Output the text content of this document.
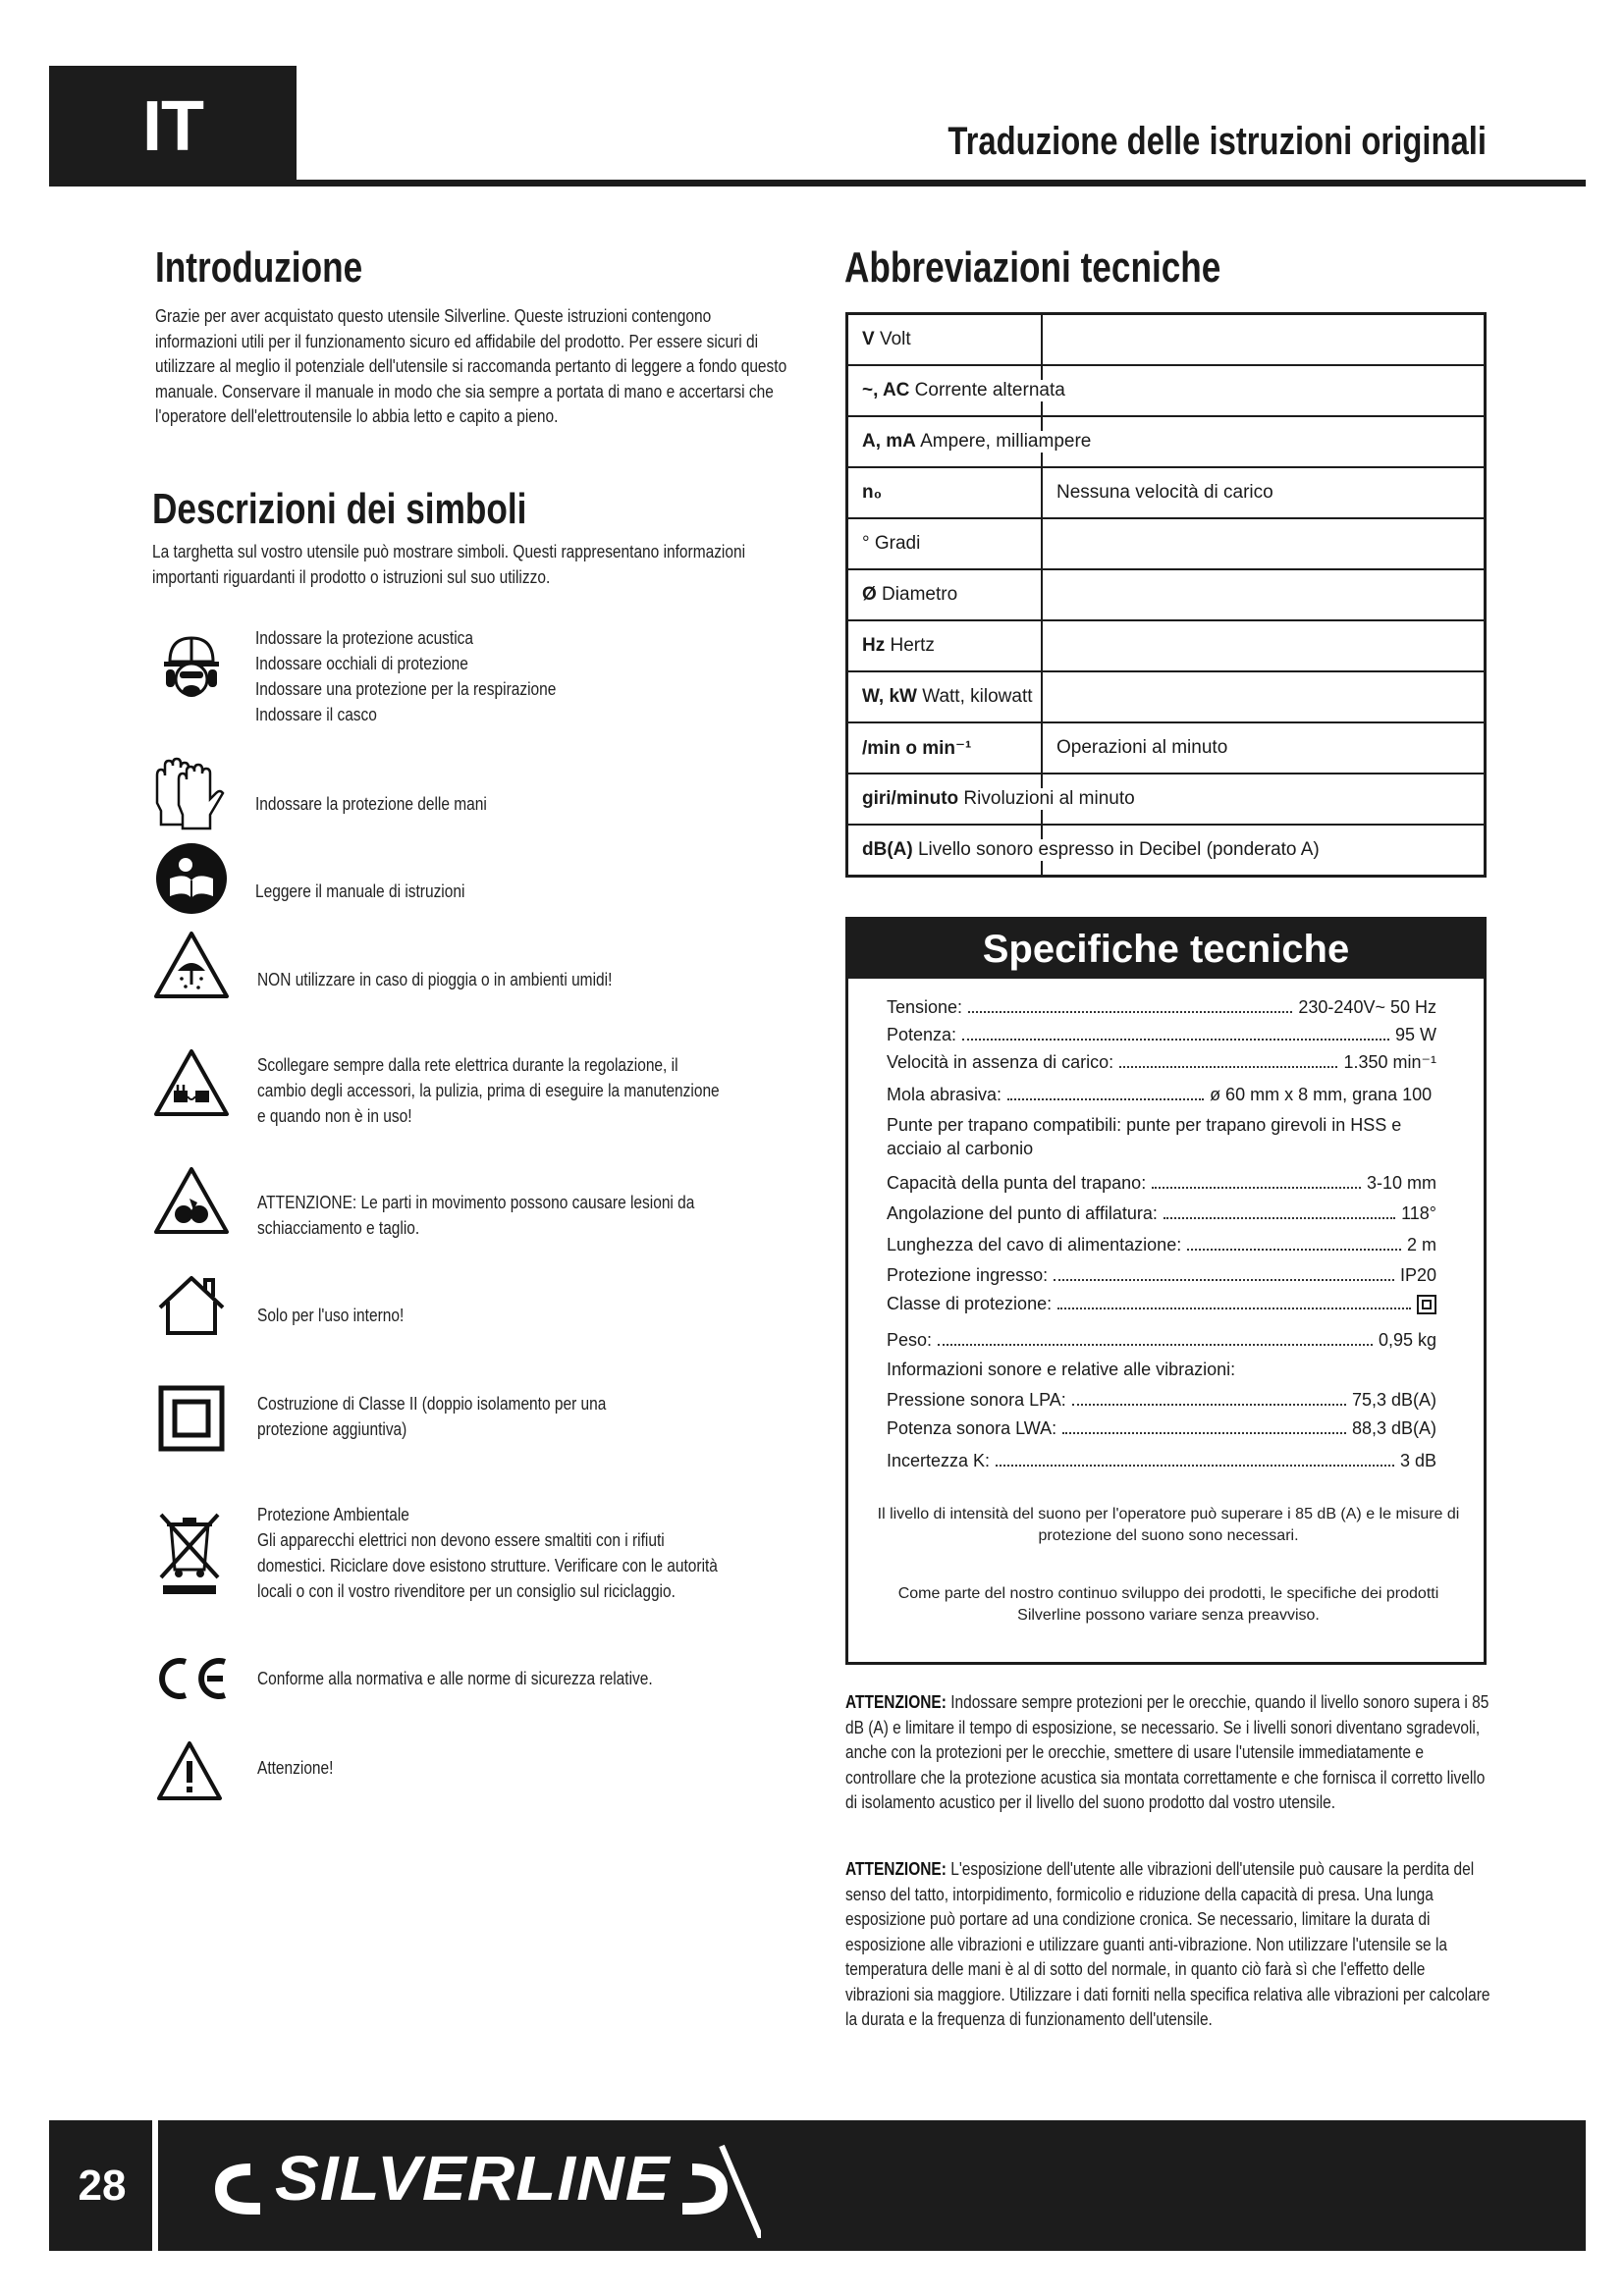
IT	Traduzione delle istruzioni originali
Introduzione
Grazie per aver acquistato questo utensile Silverline. Queste istruzioni contengono informazioni utili per il funzionamento sicuro ed affidabile del prodotto. Per essere sicuri di utilizzare al meglio il potenziale dell'utensile si raccomanda pertanto di leggere a fondo questo manuale. Conservare il manuale in modo che sia sempre a portata di mano e accertarsi che l'operatore dell'elettroutensile lo abbia letto e capito a pieno.
Descrizioni dei simboli
La targhetta sul vostro utensile può mostrare simboli. Questi rappresentano informazioni importanti riguardanti il prodotto o istruzioni sul suo utilizzo.
Indossare la protezione acustica
Indossare occhiali di protezione
Indossare una protezione per la respirazione
Indossare il casco
Indossare la protezione delle mani
Leggere il manuale di istruzioni
NON utilizzare in caso di pioggia o in ambienti umidi!
Scollegare sempre dalla rete elettrica durante la regolazione, il
cambio degli accessori, la pulizia, prima di eseguire la manutenzione
e quando non è in uso!
ATTENZIONE: Le parti in movimento possono causare lesioni da
schiacciamento e taglio.
Solo per l'uso interno!
Costruzione di Classe II (doppio isolamento per una
protezione aggiuntiva)
Protezione Ambientale
Gli apparecchi elettrici non devono essere smaltiti con i rifiuti
domestici. Riciclare dove esistono strutture. Verificare con le autorità
locali o con il vostro rivenditore per un consiglio sul riciclaggio.
Conforme alla normativa e alle norme di sicurezza relative.
Attenzione!
Abbreviazioni tecniche
V Volt
~, AC Corrente alternata
A, mA Ampere, milliampere
n₀	Nessuna velocità di carico
° Gradi
Ø Diametro
Hz Hertz
W, kW Watt, kilowatt
/min o min⁻¹	Operazioni al minuto
giri/minuto Rivoluzioni al minuto
dB(A) Livello sonoro espresso in Decibel (ponderato A)
Specifiche tecniche
Tensione:	230-240V~ 50 Hz
Potenza:	95 W
Velocità in assenza di carico:	1.350 min⁻¹
Mola abrasiva:	ø 60 mm x 8 mm, grana 100
Punte per trapano compatibili: punte per trapano girevoli in HSS e acciaio al carbonio
Capacità della punta del trapano:	3-10 mm
Angolazione del punto di affilatura:	118°
Lunghezza del cavo di alimentazione:	2 m
Protezione ingresso:	IP20
Classe di protezione:
Peso:	0,95 kg
Informazioni sonore e relative alle vibrazioni:
Pressione sonora LPA:	75,3 dB(A)
Potenza sonora LWA:	88,3 dB(A)
Incertezza K:	3 dB
Il livello di intensità del suono per l'operatore può superare i 85 dB (A) e le misure di protezione del suono sono necessari.
Come parte del nostro continuo sviluppo dei prodotti, le specifiche dei prodotti Silverline possono variare senza preavviso.
ATTENZIONE: Indossare sempre protezioni per le orecchie, quando il livello sonoro supera i 85 dB (A) e limitare il tempo di esposizione, se necessario. Se i livelli sonori diventano sgradevoli, anche con la protezioni per le orecchie, smettere di usare l'utensile immediatamente e controllare che la protezione acustica sia montata correttamente e che fornisca il corretto livello di isolamento acustico per il livello del suono prodotto dal vostro utensile.
ATTENZIONE: L'esposizione dell'utente alle vibrazioni dell'utensile può causare la perdita del senso del tatto, intorpidimento, formicolio e riduzione della capacità di presa. Una lunga esposizione può portare ad una condizione cronica. Se necessario, limitare la durata di esposizione alle vibrazioni e utilizzare guanti anti-vibrazione. Non utilizzare l'utensile se la temperatura delle mani è al di sotto del normale, in quanto ciò farà sì che l'effetto delle vibrazioni sia maggiore. Utilizzare i dati forniti nella specifica relativa alle vibrazioni per calcolare la durata e la frequenza di funzionamento dell'utensile.
28	SILVERLINE
